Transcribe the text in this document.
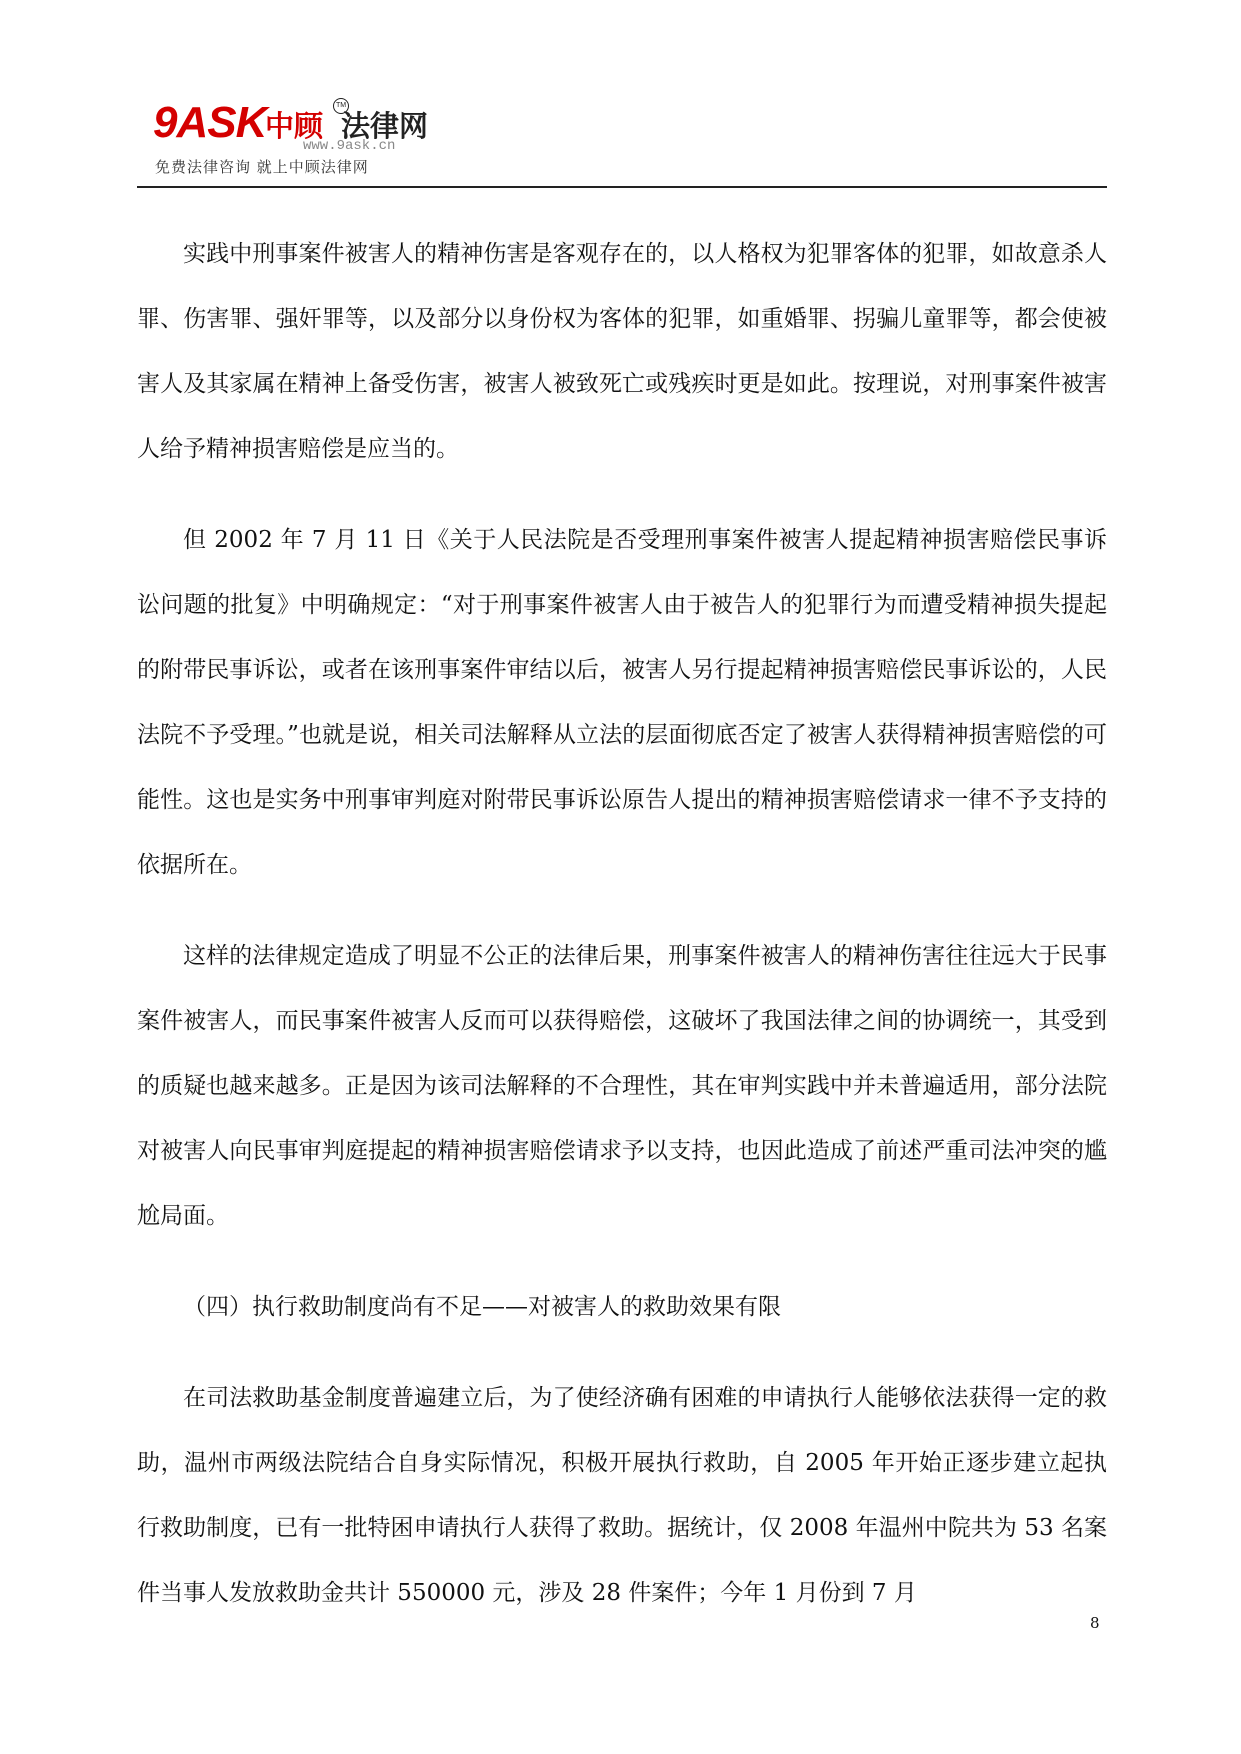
9ASK
中顾
TM
法律网
www.9ask.cn
免费法律咨询 就上中顾法律网

实践中刑事案件被害人的精神伤害是客观存在的，以人格权为犯罪客体的犯罪，如故意杀人罪、伤害罪、强奸罪等，以及部分以身份权为客体的犯罪，如重婚罪、拐骗儿童罪等，都会使被害人及其家属在精神上备受伤害，被害人被致死亡或残疾时更是如此。按理说，对刑事案件被害人给予精神损害赔偿是应当的。

但 2002 年 7 月 11 日《关于人民法院是否受理刑事案件被害人提起精神损害赔偿民事诉讼问题的批复》中明确规定：“对于刑事案件被害人由于被告人的犯罪行为而遭受精神损失提起的附带民事诉讼，或者在该刑事案件审结以后，被害人另行提起精神损害赔偿民事诉讼的，人民法院不予受理。”也就是说，相关司法解释从立法的层面彻底否定了被害人获得精神损害赔偿的可能性。这也是实务中刑事审判庭对附带民事诉讼原告人提出的精神损害赔偿请求一律不予支持的依据所在。

这样的法律规定造成了明显不公正的法律后果，刑事案件被害人的精神伤害往往远大于民事案件被害人，而民事案件被害人反而可以获得赔偿，这破坏了我国法律之间的协调统一，其受到的质疑也越来越多。正是因为该司法解释的不合理性，其在审判实践中并未普遍适用，部分法院对被害人向民事审判庭提起的精神损害赔偿请求予以支持，也因此造成了前述严重司法冲突的尴尬局面。

（四）执行救助制度尚有不足——对被害人的救助效果有限

在司法救助基金制度普遍建立后，为了使经济确有困难的申请执行人能够依法获得一定的救助，温州市两级法院结合自身实际情况，积极开展执行救助，自 2005 年开始正逐步建立起执行救助制度，已有一批特困申请执行人获得了救助。据统计，仅 2008 年温州中院共为 53 名案件当事人发放救助金共计 550000 元，涉及 28 件案件；今年 1 月份到 7 月

8
